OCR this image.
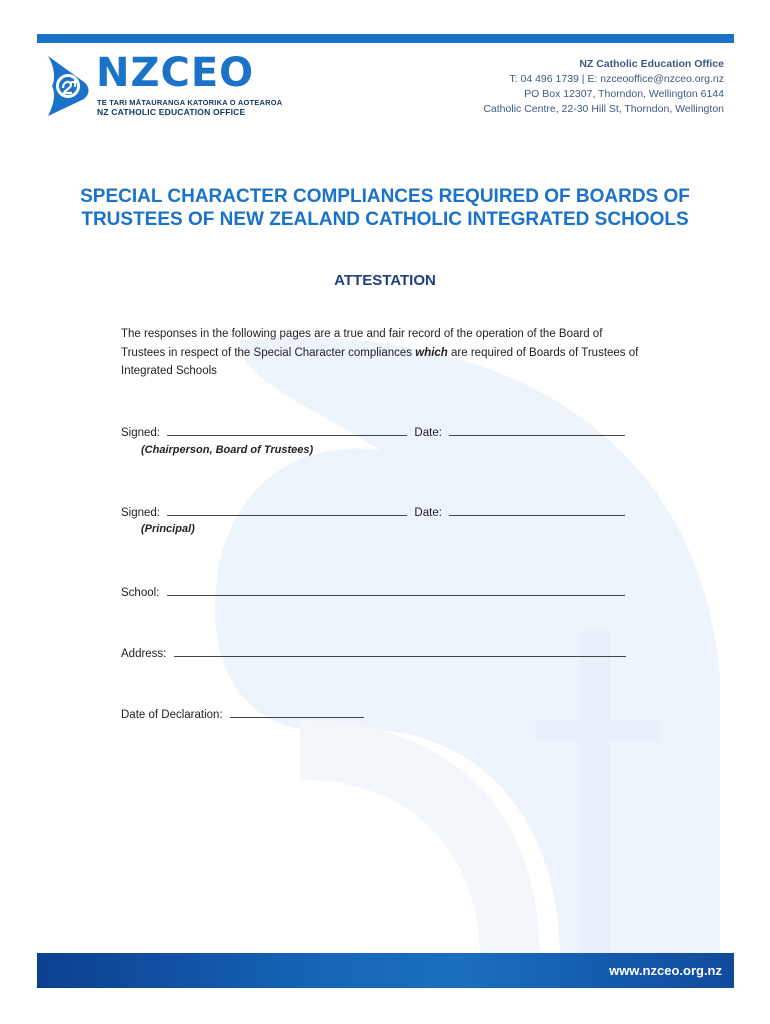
NZCEO
TE TARI MĀTAURANGA KATORIKA O AOTEAROA
NZ CATHOLIC EDUCATION OFFICE
NZ Catholic Education Office
T: 04 496 1739 | E: nzceooffice@nzceo.org.nz
PO Box 12307, Thorndon, Wellington 6144
Catholic Centre, 22-30 Hill St, Thorndon, Wellington
SPECIAL CHARACTER COMPLIANCES REQUIRED OF BOARDS OF
TRUSTEES OF NEW ZEALAND CATHOLIC INTEGRATED SCHOOLS
ATTESTATION
The responses in the following pages are a true and fair record of the operation of the Board of Trustees in respect of the Special Character compliances which are required of Boards of Trustees of Integrated Schools
Signed:	Date:
(Chairperson, Board of Trustees)
Signed:	Date:
(Principal)
School:
Address:
Date of Declaration:
www.nzceo.org.nz
